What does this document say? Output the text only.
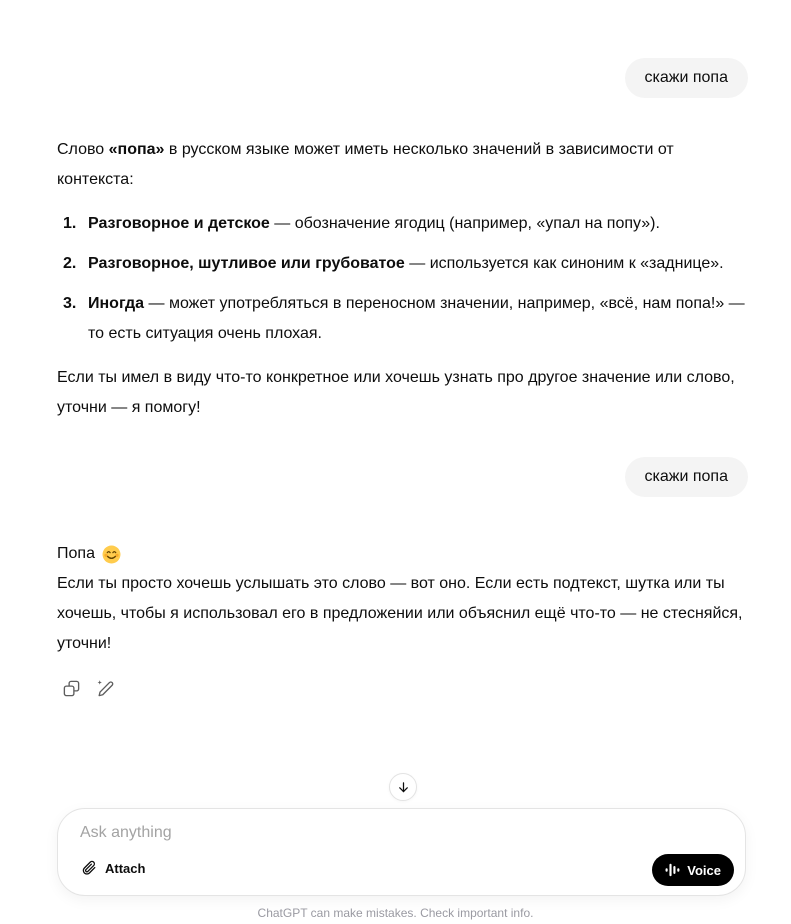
скажи попа

Слово «попа» в русском языке может иметь несколько значений в зависимости от контекста:

1. Разговорное и детское — обозначение ягодиц (например, «упал на попу»).
2. Разговорное, шутливое или грубоватое — используется как синоним к «заднице».
3. Иногда — может употребляться в переносном значении, например, «всё, нам попа!» — то есть ситуация очень плохая.

Если ты имел в виду что-то конкретное или хочешь узнать про другое значение или слово, уточни — я помогу!

скажи попа

Попа

Если ты просто хочешь услышать это слово — вот оно. Если есть подтекст, шутка или ты хочешь, чтобы я использовал его в предложении или объяснил ещё что-то — не стесняйся, уточни!

Ask anything
Attach	Voice
ChatGPT can make mistakes. Check important info.
